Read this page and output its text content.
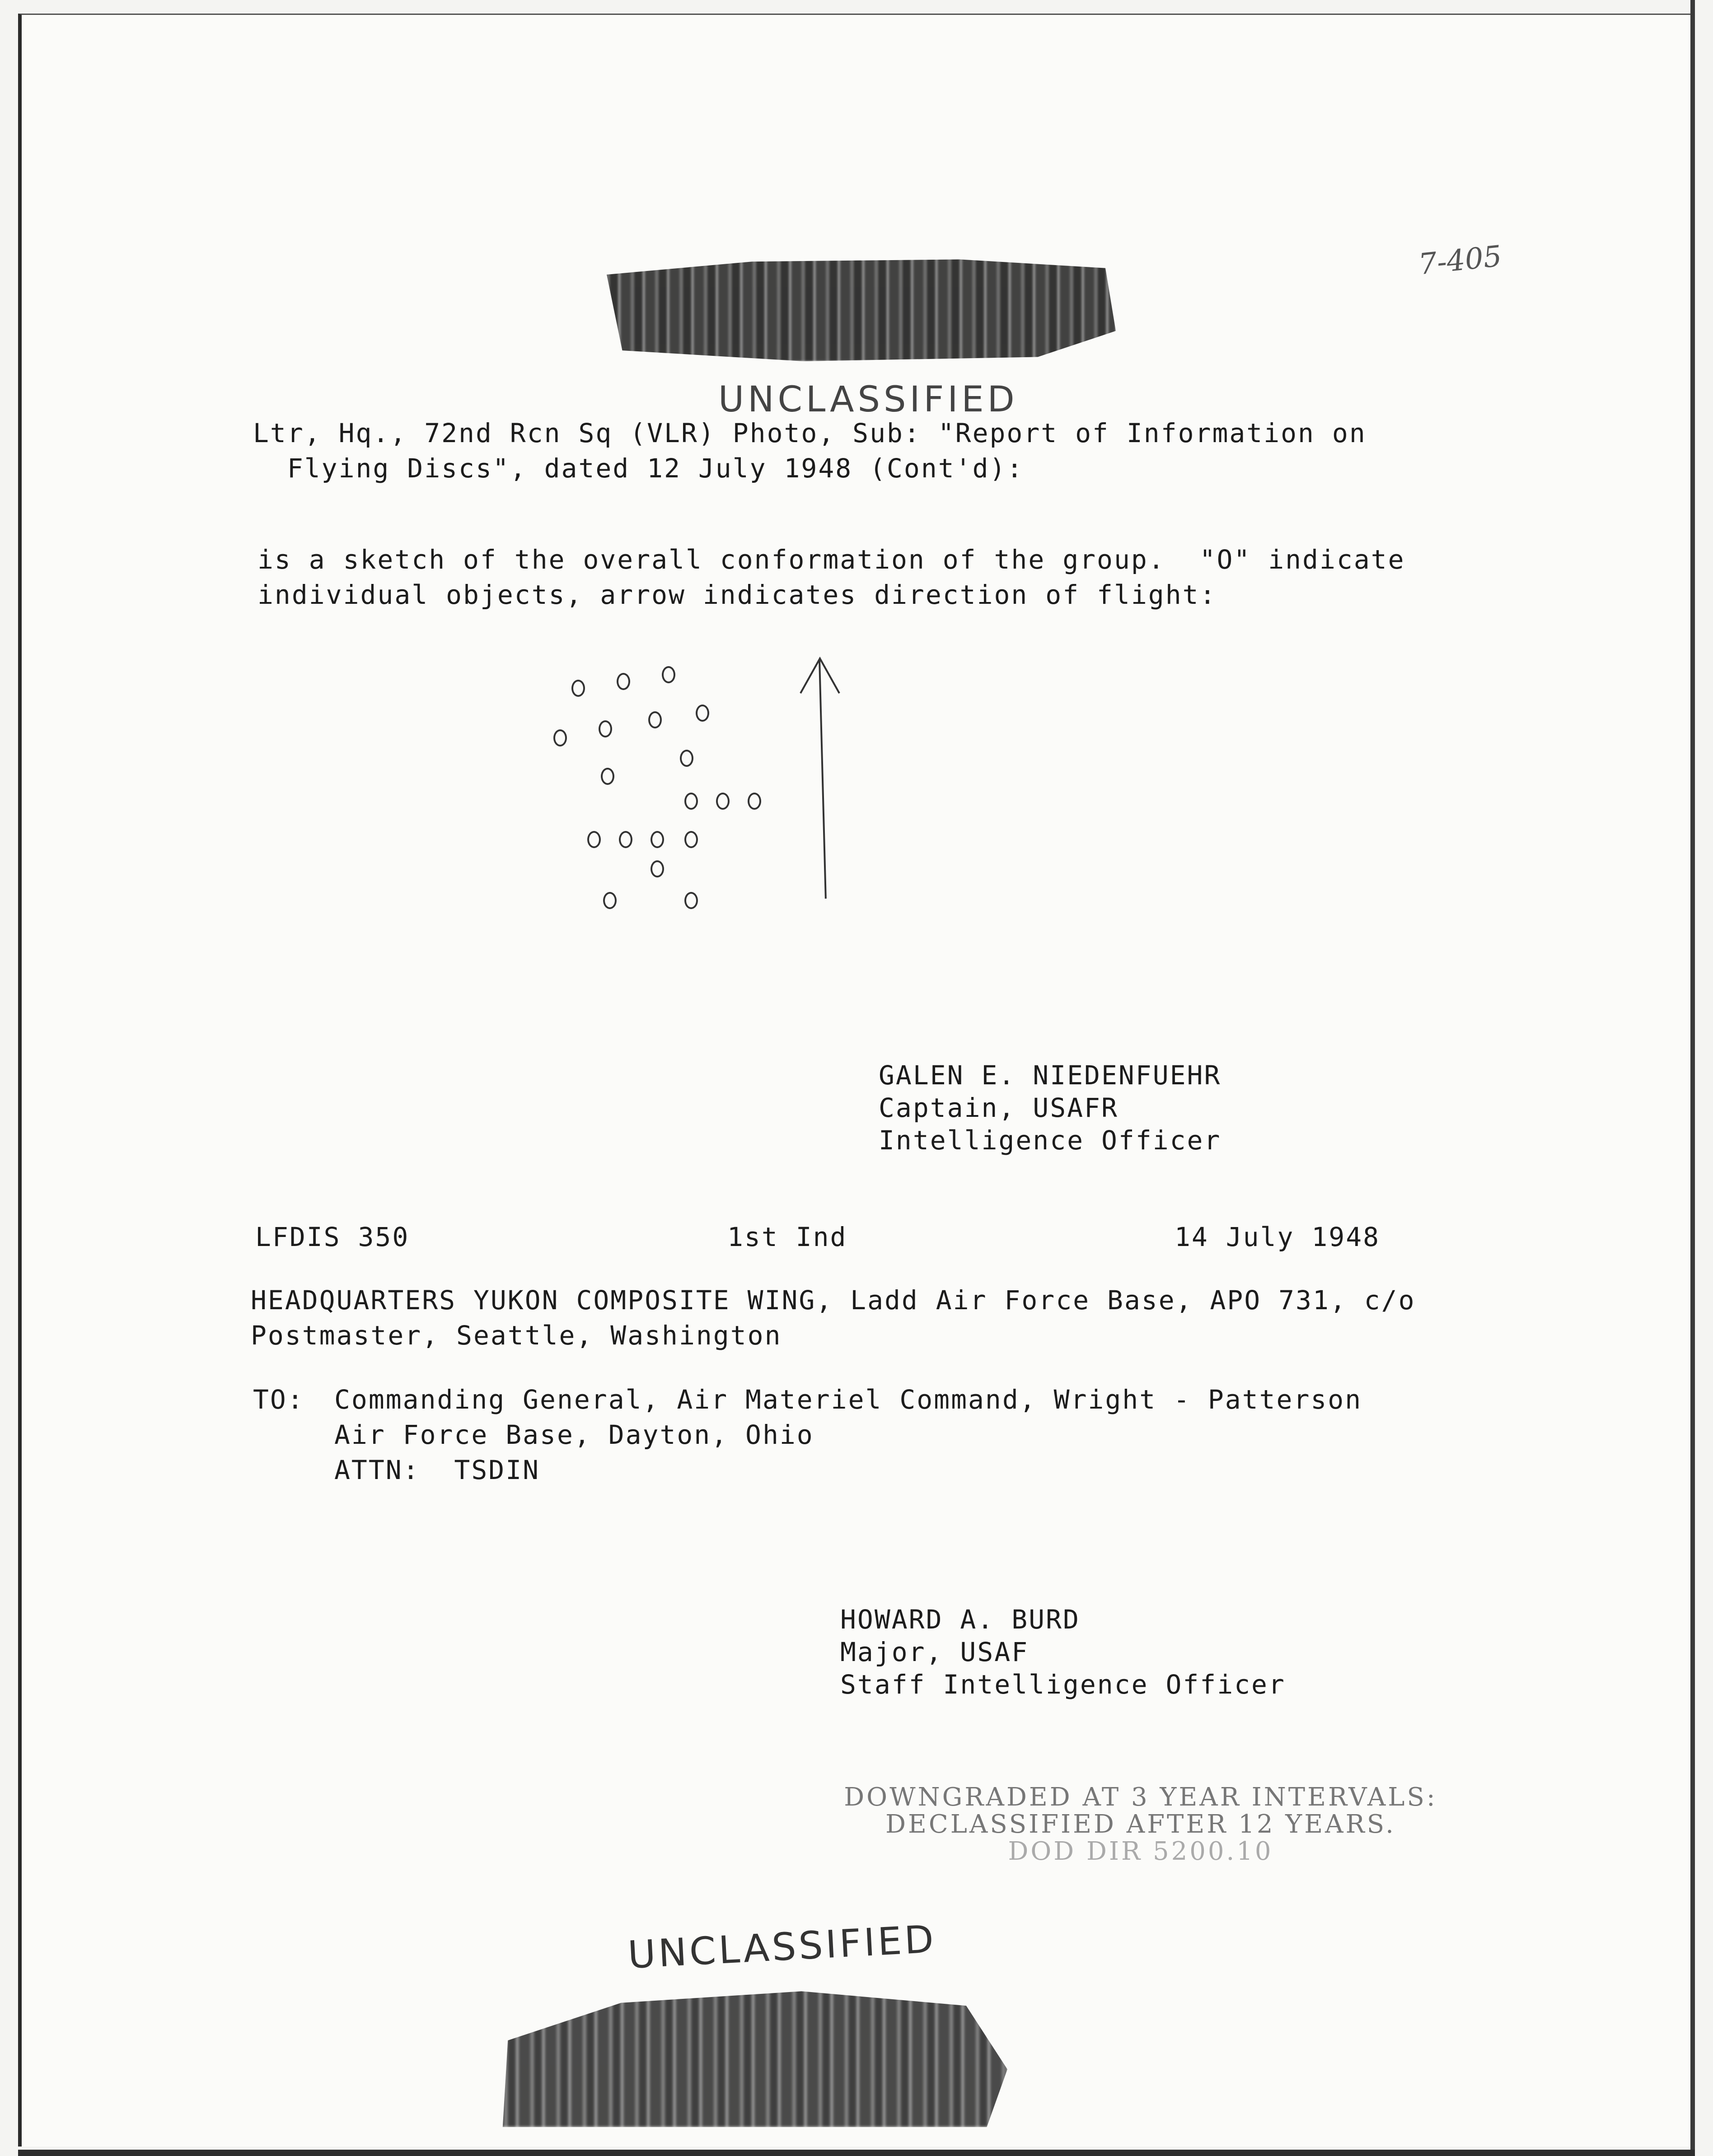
7-405
UNCLASSIFIED
Ltr, Hq., 72nd Rcn Sq (VLR) Photo, Sub: "Report of Information on
Flying Discs", dated 12 July 1948 (Cont'd):
is a sketch of the overall conformation of the group.  "O" indicate
individual objects, arrow indicates direction of flight:
GALEN E. NIEDENFUEHR
Captain, USAFR
Intelligence Officer
LFDIS 350	1st Ind	14 July 1948
HEADQUARTERS YUKON COMPOSITE WING, Ladd Air Force Base, APO 731, c/o
Postmaster, Seattle, Washington
TO: Commanding General, Air Materiel Command, Wright - Patterson
Air Force Base, Dayton, Ohio
ATTN:  TSDIN
HOWARD A. BURD
Major, USAF
Staff Intelligence Officer
DOWNGRADED AT 3 YEAR INTERVALS:
DECLASSIFIED AFTER 12 YEARS.
DOD DIR 5200.10
UNCLASSIFIED
